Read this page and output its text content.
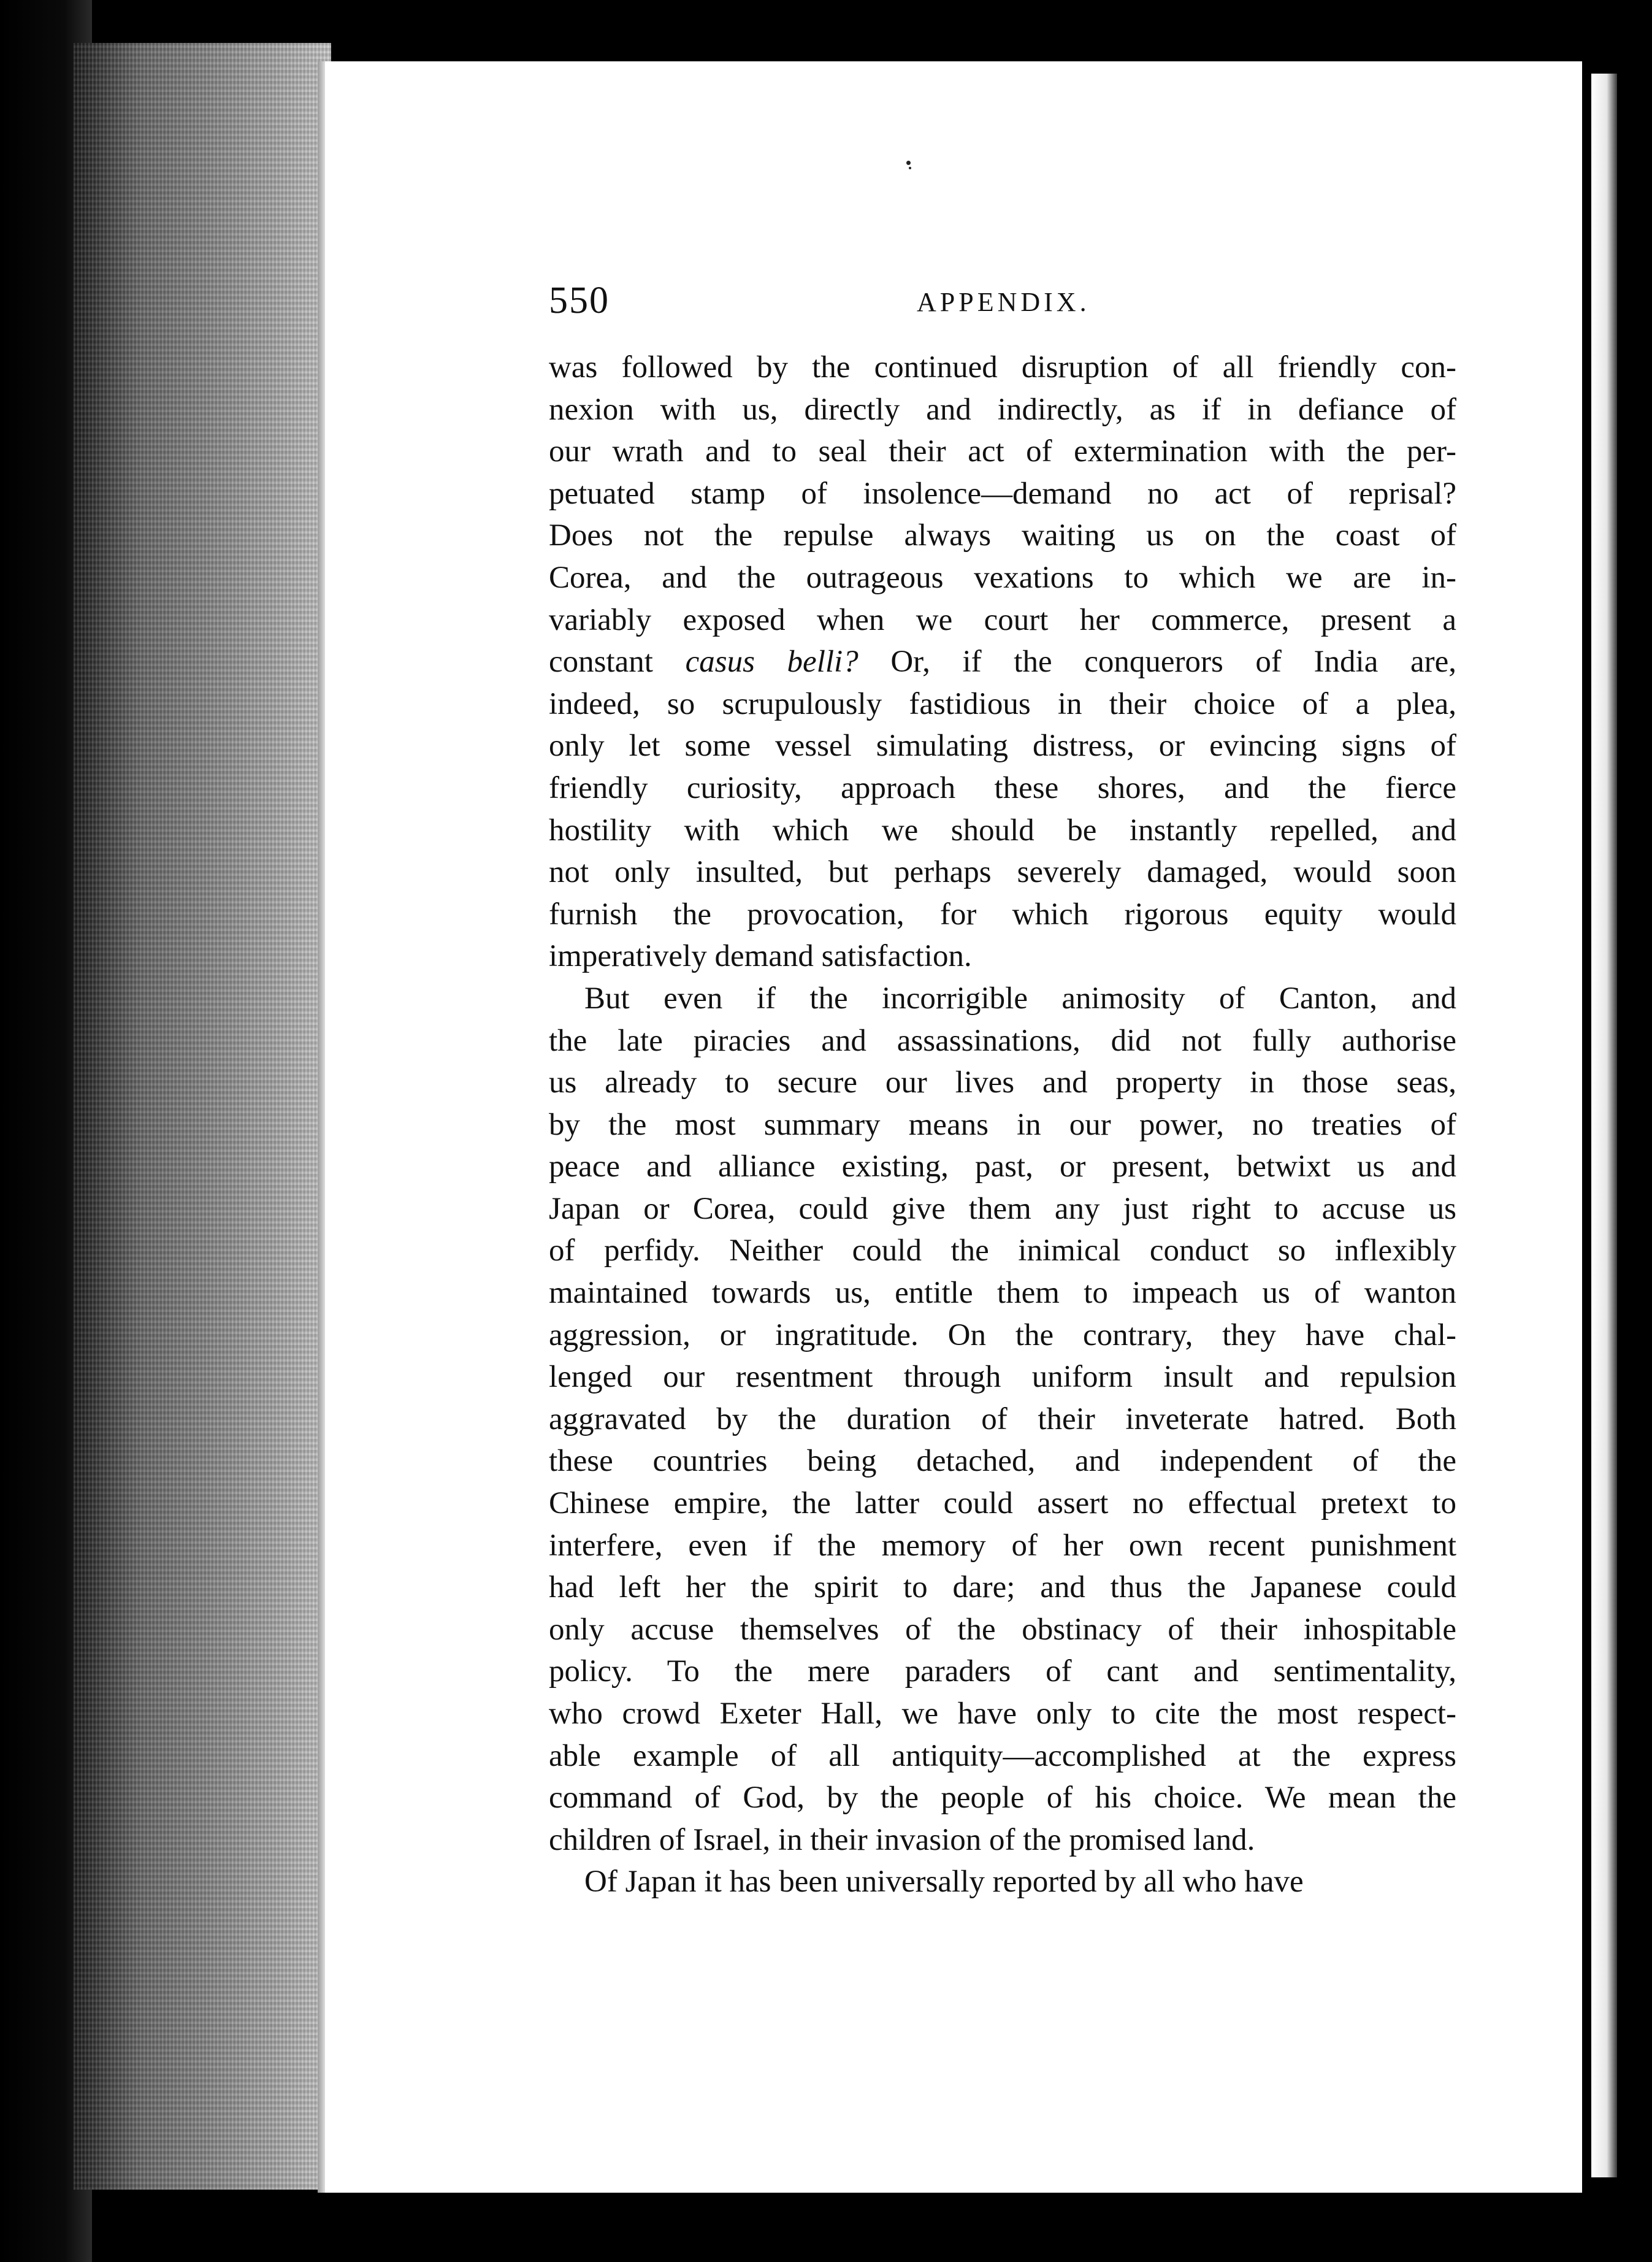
550	APPENDIX.
was followed by the continued disruption of all friendly con-
nexion with us, directly and indirectly, as if in defiance of
our wrath and to seal their act of extermination with the per-
petuated stamp of insolence—demand no act of reprisal?
Does not the repulse always waiting us on the coast of
Corea, and the outrageous vexations to which we are in-
variably exposed when we court her commerce, present a
constant casus belli? Or, if the conquerors of India are,
indeed, so scrupulously fastidious in their choice of a plea,
only let some vessel simulating distress, or evincing signs of
friendly curiosity, approach these shores, and the fierce
hostility with which we should be instantly repelled, and
not only insulted, but perhaps severely damaged, would soon
furnish the provocation, for which rigorous equity would
imperatively demand satisfaction.
But even if the incorrigible animosity of Canton, and
the late piracies and assassinations, did not fully authorise
us already to secure our lives and property in those seas,
by the most summary means in our power, no treaties of
peace and alliance existing, past, or present, betwixt us and
Japan or Corea, could give them any just right to accuse us
of perfidy. Neither could the inimical conduct so inflexibly
maintained towards us, entitle them to impeach us of wanton
aggression, or ingratitude. On the contrary, they have chal-
lenged our resentment through uniform insult and repulsion
aggravated by the duration of their inveterate hatred. Both
these countries being detached, and independent of the
Chinese empire, the latter could assert no effectual pretext to
interfere, even if the memory of her own recent punishment
had left her the spirit to dare; and thus the Japanese could
only accuse themselves of the obstinacy of their inhospitable
policy. To the mere paraders of cant and sentimentality,
who crowd Exeter Hall, we have only to cite the most respect-
able example of all antiquity—accomplished at the express
command of God, by the people of his choice. We mean the
children of Israel, in their invasion of the promised land.
Of Japan it has been universally reported by all who have
